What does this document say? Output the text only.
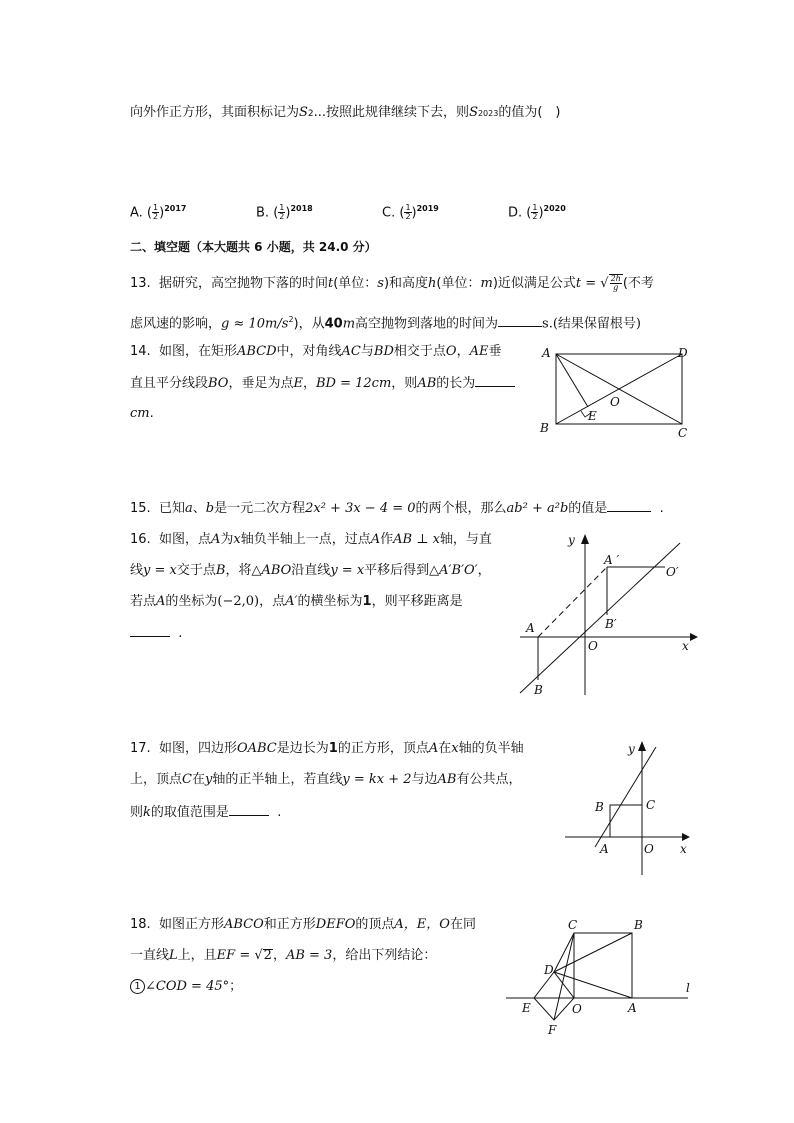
向外作正方形，其面积标记为S2...按照此规律继续下去，则S2023的值为(　)
A. ( $\frac{1}{2} )^{2017}$	B. ( $\frac{1}{2} )^{2018}$	C. ( $\frac{1}{2} )^{2019}$	D. ( $\frac{1}{2} )^{2020}$
二、填空题（本大题共 6 小题，共 24.0 分）
13. 据研究，高空抛物下落的时间t(单位：s)和高度h(单位：m)近似满足公式t = √ $\frac{2h}{g}$ (不考
虑风速的影响，$g \approx 10m/s^2$)，从40m高空抛物到落地的时间为	s.(结果保留根号)
14. 如图，在矩形ABCD中，对角线AC与BD相交于点O，AE垂
直且平分线段BO，垂足为点E，BD = 12cm，则AB的长为
cm.
A
B	C
D
E
O
15. 已知a、b是一元二次方程2x² + 3x − 4 = 0的两个根，那么ab² + a²b的值是	.
16. 如图，点A为x轴负半轴上一点，过点A作AB ⊥ x轴，与直
线y = x交于点B，将△ABO沿直线y = x平移后得到△A′B′O′，
若点A的坐标为(−2,0)，点A′的横坐标为1，则平移距离是
.	A
B
O	x
y
A ′
B′
O′
17. 如图，四边形OABC是边长为1的正方形，顶点A在x轴的负半轴
上，顶点C在y轴的正半轴上，若直线y = kx + 2与边AB有公共点，
则k的取值范围是	.
y
x
O
A
B	C
18. 如图正方形ABCO和正方形DEFO的顶点A，E，O在同
一直线L上，且EF = √2，AB = 3，给出下列结论：
1 ∠COD = 45°；
C	B
D
E	O	A
F
l
